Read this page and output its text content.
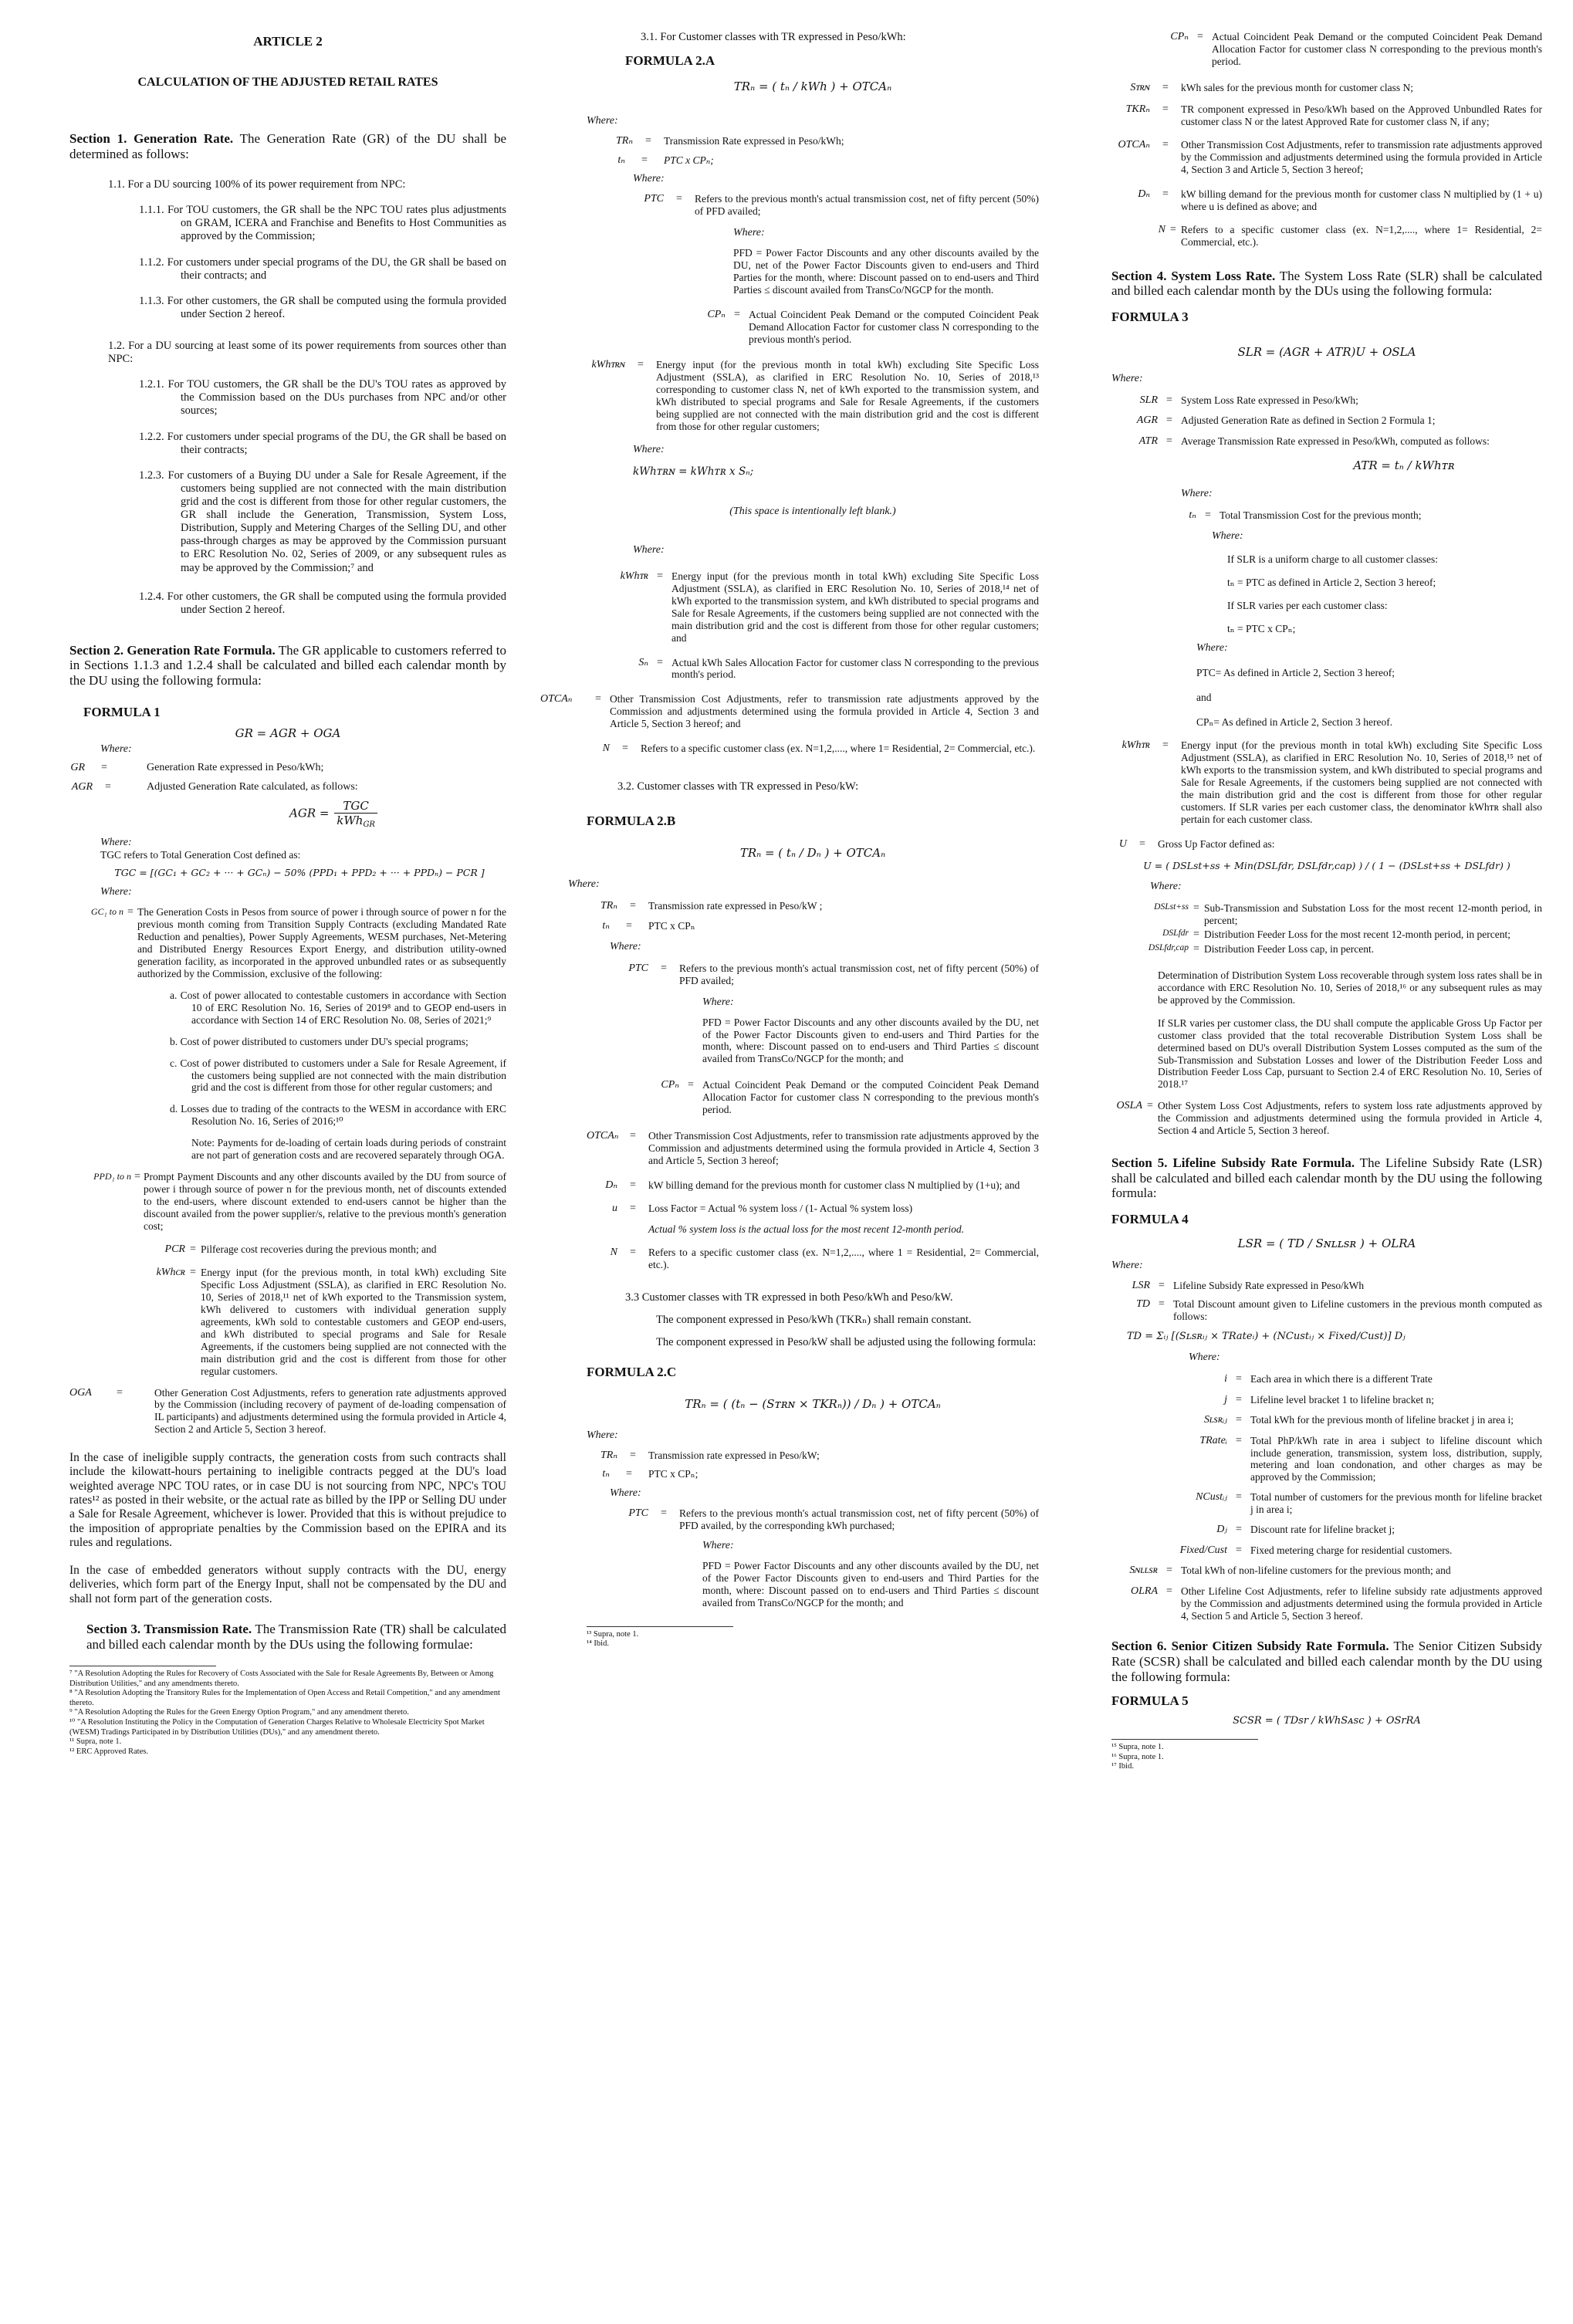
ARTICLE 2

CALCULATION OF THE ADJUSTED RETAIL RATES

Section 1. Generation Rate. The Generation Rate (GR) of the DU shall be determined as follows:

1.1. For a DU sourcing 100% of its power requirement from NPC:

1.1.1. For TOU customers, the GR shall be the NPC TOU rates plus adjustments on GRAM, ICERA and Franchise and Benefits to Host Communities as approved by the Commission;

1.1.2. For customers under special programs of the DU, the GR shall be based on their contracts; and

1.1.3. For other customers, the GR shall be computed using the formula provided under Section 2 hereof.

1.2. For a DU sourcing at least some of its power requirements from sources other than NPC:

1.2.1. For TOU customers, the GR shall be the DU's TOU rates as approved by the Commission based on the DUs purchases from NPC and/or other sources;

1.2.2. For customers under special programs of the DU, the GR shall be based on their contracts;

1.2.3. For customers of a Buying DU under a Sale for Resale Agreement, if the customers being supplied are not connected with the main distribution grid and the cost is different from those for other regular customers, the GR shall include the Generation, Transmission, System Loss, Distribution, Supply and Metering Charges of the Selling DU, and other pass-through charges as may be approved by the Commission pursuant to ERC Resolution No. 02, Series of 2009, or any subsequent rules as may be approved by the Commission;⁷ and

1.2.4. For other customers, the GR shall be computed using the formula provided under Section 2 hereof.

Section 2. Generation Rate Formula. The GR applicable to customers referred to in Sections 1.1.3 and 1.2.4 shall be calculated and billed each calendar month by the DU using the following formula:

FORMULA 1

GR = AGR + OGA

Where:

GR	=	Generation Rate expressed in Peso/kWh;
AGR	=	Adjusted Generation Rate calculated, as follows:
AGR = $\frac{\text{TGC}}{kWh_{GR}}$

Where:

TGC refers to Total Generation Cost defined as:

TGC = [(GC₁ + GC₂ + ··· + GCₙ) − 50% (PPD₁ + PPD₂ + ··· + PPDₙ) − PCR ]

Where:

GC₁ to n = The Generation Costs in Pesos from source of power i through source of power n for the previous month coming from Transition Supply Contracts (excluding Mandated Rate Reduction and penalties), Power Supply Agreements, WESM purchases, Net-Metering and Distributed Energy Resources Export Energy, and distribution utility-owned generation facility, as incorporated in the approved unbundled rates or as subsequently authorized by the Commission, exclusive of the following:

a. Cost of power allocated to contestable customers in accordance with Section 10 of ERC Resolution No. 16, Series of 2019⁸ and to GEOP end-users in accordance with Section 14 of ERC Resolution No. 08, Series of 2021;⁹

b. Cost of power distributed to customers under DU's special programs;

c. Cost of power distributed to customers under a Sale for Resale Agreement, if the customers being supplied are not connected with the main distribution grid and the cost is different from those for other regular customers; and

d. Losses due to trading of the contracts to the WESM in accordance with ERC Resolution No. 16, Series of 2016;¹⁰

Note: Payments for de-loading of certain loads during periods of constraint are not part of generation costs and are recovered separately through OGA.

PPD₁ to n = Prompt Payment Discounts and any other discounts availed by the DU from source of power i through source of power n for the previous month, net of discounts extended to the end-users, where discount extended to end-users cannot be higher than the discount availed from the power supplier/s, relative to the previous month's generation cost;
PCR = Pilferage cost recoveries during the previous month; and
kWhᴄʀ = Energy input (for the previous month, in total kWh) excluding Site Specific Loss Adjustment (SSLA), as clarified in ERC Resolution No. 10, Series of 2018,¹¹ net of kWh exported to the Transmission system, kWh delivered to customers with individual generation supply agreements, kWh sold to contestable customers and GEOP end-users, and kWh distributed to special programs and Sale for Resale Agreements, if the customers being supplied are not connected with the main distribution grid and the cost is different from those for other regular customers.
OGA	=	Other Generation Cost Adjustments, refers to generation rate adjustments approved by the Commission (including recovery of payment of de-loading compensation of IL participants) and adjustments determined using the formula provided in Article 4, Section 2 and Article 5, Section 3 hereof.

In the case of ineligible supply contracts, the generation costs from such contracts shall include the kilowatt-hours pertaining to ineligible contracts pegged at the DU's load weighted average NPC TOU rates, or in case DU is not sourcing from NPC, NPC's TOU rates¹² as posted in their website, or the actual rate as billed by the IPP or Selling DU under a Sale for Resale Agreement, whichever is lower. Provided that this is without prejudice to the imposition of appropriate penalties by the Commission based on the EPIRA and its rules and regulations.

In the case of embedded generators without supply contracts with the DU, energy deliveries, which form part of the Energy Input, shall not be compensated by the DU and shall not form part of the generation costs.

Section 3. Transmission Rate. The Transmission Rate (TR) shall be calculated and billed each calendar month by the DUs using the following formulae:

⁷ "A Resolution Adopting the Rules for Recovery of Costs Associated with the Sale for Resale Agreements By, Between or Among Distribution Utilities," and any amendments thereto.

⁸ "A Resolution Adopting the Transitory Rules for the Implementation of Open Access and Retail Competition," and any amendment thereto.

⁹ "A Resolution Adopting the Rules for the Green Energy Option Program," and any amendment thereto.

¹⁰ "A Resolution Instituting the Policy in the Computation of Generation Charges Relative to Wholesale Electricity Spot Market (WESM) Tradings Participated in by Distribution Utilities (DUs)," and any amendment thereto.

¹¹ Supra, note 1.

¹² ERC Approved Rates.

3.1. For Customer classes with TR expressed in Peso/kWh:

FORMULA 2.A

TRₙ = ( tₙ / kWh ) + OTCAₙ

Where:

TRₙ	=	Transmission Rate expressed in Peso/kWh;
tₙ	=	PTC x CPₙ;

Where:

PTC	=	Refers to the previous month's actual transmission cost, net of fifty percent (50%) of PFD availed;

Where:

PFD = Power Factor Discounts and any other discounts availed by the DU, net of the Power Factor Discounts given to end-users and Third Parties for the month, where: Discount passed on to end-users and Third Parties ≤ discount availed from TransCo/NGCP for the month.

CPₙ = Actual Coincident Peak Demand or the computed Coincident Peak Demand Allocation Factor for customer class N corresponding to the previous month's period.
kWhᴛʀɴ	=	Energy input (for the previous month in total kWh) excluding Site Specific Loss Adjustment (SSLA), as clarified in ERC Resolution No. 10, Series of 2018,¹³ corresponding to customer class N, net of kWh exported to the transmission system, and kWh distributed to special programs and Sale for Resale Agreements, if the customers being supplied are not connected with the main distribution grid and the cost is different from those for other regular customers;

Where:

kWhᴛʀɴ = kWhᴛʀ x Sₙ;

(This space is intentionally left blank.)

Where:

kWhᴛʀ = Energy input (for the previous month in total kWh) excluding Site Specific Loss Adjustment (SSLA), as clarified in ERC Resolution No. 10, Series of 2018,¹⁴ net of kWh exported to the transmission system, and kWh distributed to special programs and Sale for Resale Agreements, if the customers being supplied are not connected with the main distribution grid and the cost is different from those for other regular customers; and
Sₙ = Actual kWh Sales Allocation Factor for customer class N corresponding to the previous month's period.
OTCAₙ	= Other Transmission Cost Adjustments, refer to transmission rate adjustments approved by the Commission and adjustments determined using the formula provided in Article 4, Section 3 and Article 5, Section 3 hereof; and
N	=	Refers to a specific customer class (ex. N=1,2,...., where 1= Residential, 2= Commercial, etc.).

3.2. Customer classes with TR expressed in Peso/kW:

FORMULA 2.B

TRₙ = ( tₙ / Dₙ ) + OTCAₙ

Where:

TRₙ	=	Transmission rate expressed in Peso/kW ;
tₙ	=	PTC x CPₙ

Where:

PTC	=	Refers to the previous month's actual transmission cost, net of fifty percent (50%) of PFD availed;

Where:

PFD = Power Factor Discounts and any other discounts availed by the DU, net of the Power Factor Discounts given to end-users and Third Parties for the month, where: Discount passed on to end-users and Third Parties ≤ discount availed from TransCo/NGCP for the month; and

CPₙ = Actual Coincident Peak Demand or the computed Coincident Peak Demand Allocation Factor for customer class N corresponding to the previous month's period.
OTCAₙ	=	Other Transmission Cost Adjustments, refer to transmission rate adjustments approved by the Commission and adjustments determined using the formula provided in Article 4, Section 3 and Article 5, Section 3 hereof;
Dₙ	=	kW billing demand for the previous month for customer class N multiplied by (1+u); and
u	=	Loss Factor = Actual % system loss / (1- Actual % system loss)

Actual % system loss is the actual loss for the most recent 12-month period.

N	=	Refers to a specific customer class (ex. N=1,2,...., where 1 = Residential, 2= Commercial, etc.).

3.3 Customer classes with TR expressed in both Peso/kWh and Peso/kW.

The component expressed in Peso/kWh (TKRₙ) shall remain constant.

The component expressed in Peso/kW shall be adjusted using the following formula:

FORMULA 2.C

TRₙ = ( (tₙ − (Sᴛʀɴ × TKRₙ)) / Dₙ ) + OTCAₙ

Where:

TRₙ	=	Transmission rate expressed in Peso/kW;
tₙ	=	PTC x CPₙ;

Where:

PTC	=	Refers to the previous month's actual transmission cost, net of fifty percent (50%) of PFD availed, by the corresponding kWh purchased;

Where:

PFD = Power Factor Discounts and any other discounts availed by the DU, net of the Power Factor Discounts given to end-users and Third Parties for the month, where: Discount passed on to end-users and Third Parties ≤ discount availed from TransCo/NGCP for the month; and

¹³ Supra, note 1.

¹⁴ Ibid.

CPₙ = Actual Coincident Peak Demand or the computed Coincident Peak Demand Allocation Factor for customer class N corresponding to the previous month's period.
Sᴛʀɴ	=	kWh sales for the previous month for customer class N;
TKRₙ	=	TR component expressed in Peso/kWh based on the Approved Unbundled Rates for customer class N or the latest Approved Rate for customer class N, if any;
OTCAₙ	=	Other Transmission Cost Adjustments, refer to transmission rate adjustments approved by the Commission and adjustments determined using the formula provided in Article 4, Section 3 and Article 5, Section 3 hereof;
Dₙ	=	kW billing demand for the previous month for customer class N multiplied by (1 + u) where u is defined as above; and
N = Refers to a specific customer class (ex. N=1,2,...., where 1= Residential, 2= Commercial, etc.).

Section 4. System Loss Rate. The System Loss Rate (SLR) shall be calculated and billed each calendar month by the DUs using the following formula:

FORMULA 3

SLR = (AGR + ATR)U + OSLA

Where:

SLR = System Loss Rate expressed in Peso/kWh;
AGR = Adjusted Generation Rate as defined in Section 2 Formula 1;
ATR = Average Transmission Rate expressed in Peso/kWh, computed as follows:

ATR = tₙ / kWhᴛʀ

Where:

tₙ = Total Transmission Cost for the previous month;

Where:

If SLR is a uniform charge to all customer classes:

tₙ = PTC as defined in Article 2, Section 3 hereof;

If SLR varies per each customer class:

tₙ = PTC x CPₙ;

Where:

PTC= As defined in Article 2, Section 3 hereof;

and

CPₙ= As defined in Article 2, Section 3 hereof.

kWhᴛʀ	=	Energy input (for the previous month in total kWh) excluding Site Specific Loss Adjustment (SSLA), as clarified in ERC Resolution No. 10, Series of 2018,¹⁵ net of kWh exports to the transmission system, and kWh distributed to special programs and Sale for Resale Agreements, if the customers being supplied are not connected with the main distribution grid and the cost is different from those for other regular customers. If SLR varies per each customer class, the denominator kWhᴛʀ shall also pertain for each customer class.
U	=	Gross Up Factor defined as:

U = ( DSLst+ss + Min(DSLfdr, DSLfdr,cap) ) / ( 1 − (DSLst+ss + DSLfdr) )

Where:

DSLst+ss = Sub-Transmission and Substation Loss for the most recent 12-month period, in percent;
DSLfdr = Distribution Feeder Loss for the most recent 12-month period, in percent;
DSLfdr,cap = Distribution Feeder Loss cap, in percent.

Determination of Distribution System Loss recoverable through system loss rates shall be in accordance with ERC Resolution No. 10, Series of 2018,¹⁶ or any subsequent rules as may be approved by the Commission.

If SLR varies per customer class, the DU shall compute the applicable Gross Up Factor per customer class provided that the total recoverable Distribution System Loss shall be determined based on DU's overall Distribution System Losses computed as the sum of the Sub-Transmission and Substation Losses and lower of the Distribution Feeder Loss and Distribution Feeder Loss Cap, pursuant to Section 2.4 of ERC Resolution No. 10, Series of 2018.¹⁷

OSLA = Other System Loss Cost Adjustments, refers to system loss rate adjustments approved by the Commission and adjustments determined using the formula provided in Article 4, Section 4 and Article 5, Section 3 hereof.

Section 5. Lifeline Subsidy Rate Formula. The Lifeline Subsidy Rate (LSR) shall be calculated and billed each calendar month by the DU using the following formula:

FORMULA 4

LSR = ( TD / Sɴʟʟsʀ ) + OLRA

Where:

LSR = Lifeline Subsidy Rate expressed in Peso/kWh
TD = Total Discount amount given to Lifeline customers in the previous month computed as follows:

TD = Σᵢⱼ [(Sʟsʀᵢⱼ × TRateᵢ) + (NCustᵢⱼ × Fixed/Cust)] Dⱼ

Where:

i = Each area in which there is a different Trate
j = Lifeline level bracket 1 to lifeline bracket n;
Sʟsʀᵢⱼ = Total kWh for the previous month of lifeline bracket j in area i;
TRateᵢ = Total PhP/kWh rate in area i subject to lifeline discount which include generation, transmission, system loss, distribution, supply, metering and loan condonation, and other charges as may be approved by the Commission;
NCustᵢⱼ = Total number of customers for the previous month for lifeline bracket j in area i;
Dⱼ = Discount rate for lifeline bracket j;
Fixed/Cust = Fixed metering charge for residential customers.
Sɴʟʟsʀ = Total kWh of non-lifeline customers for the previous month; and
OLRA = Other Lifeline Cost Adjustments, refer to lifeline subsidy rate adjustments approved by the Commission and adjustments determined using the formula provided in Article 4, Section 5 and Article 5, Section 3 hereof.

Section 6. Senior Citizen Subsidy Rate Formula. The Senior Citizen Subsidy Rate (SCSR) shall be calculated and billed each calendar month by the DU using the following formula:

FORMULA 5

SCSR = ( TDsr / kWhSᴀsᴄ ) + OSrRA

¹⁵ Supra, note 1.

¹⁶ Supra, note 1.

¹⁷ Ibid.
